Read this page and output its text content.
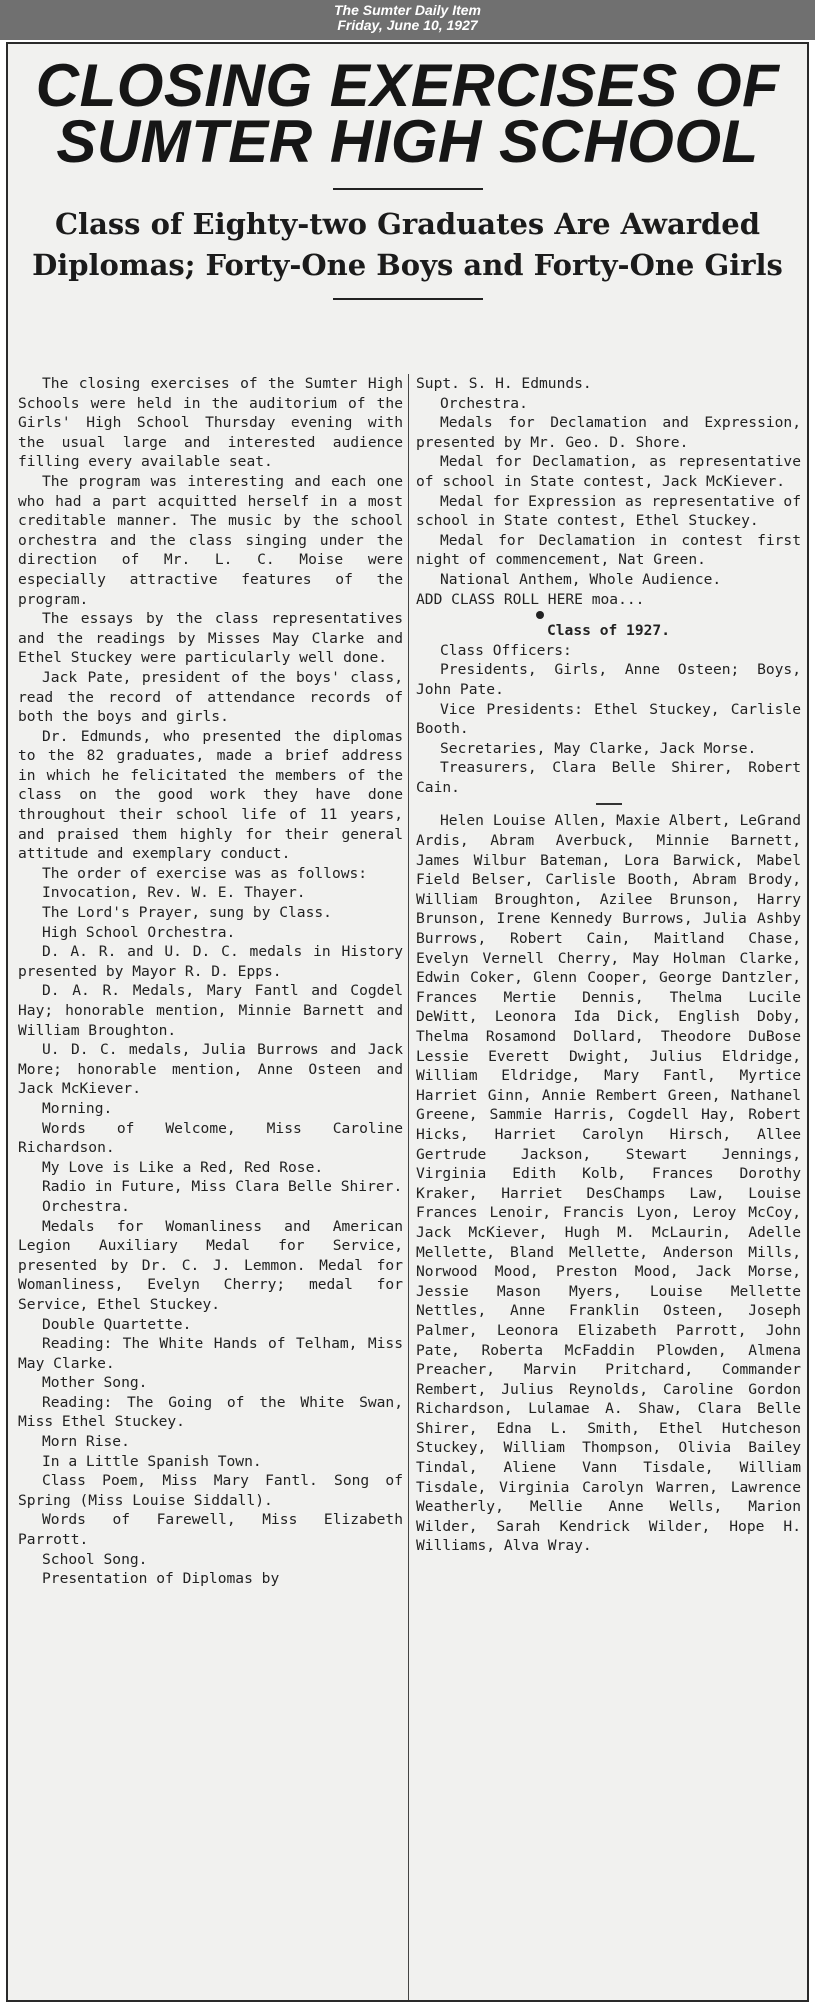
The Sumter Daily Item
Friday, June 10, 1927
CLOSING EXERCISES OF SUMTER HIGH SCHOOL
Class of Eighty-two Graduates Are Awarded Diplomas; Forty-One Boys and Forty-One Girls

The closing exercises of the Sumter High Schools were held in the auditorium of the Girls' High School Thursday evening with the usual large and interested audience filling every available seat.

The program was interesting and each one who had a part acquitted herself in a most creditable manner. The music by the school orchestra and the class singing under the direction of Mr. L. C. Moise were especially attractive features of the program.

The essays by the class representatives and the readings by Misses May Clarke and Ethel Stuckey were particularly well done.

Jack Pate, president of the boys' class, read the record of attendance records of both the boys and girls.

Dr. Edmunds, who presented the diplomas to the 82 graduates, made a brief address in which he felicitated the members of the class on the good work they have done throughout their school life of 11 years, and praised them highly for their general attitude and exemplary conduct.

The order of exercise was as follows:

Invocation, Rev. W. E. Thayer.

The Lord's Prayer, sung by Class.

High School Orchestra.

D. A. R. and U. D. C. medals in History presented by Mayor R. D. Epps.

D. A. R. Medals, Mary Fantl and Cogdel Hay; honorable mention, Minnie Barnett and William Broughton.

U. D. C. medals, Julia Burrows and Jack More; honorable mention, Anne Osteen and Jack McKiever.

Morning.

Words of Welcome, Miss Caroline Richardson.

My Love is Like a Red, Red Rose.

Radio in Future, Miss Clara Belle Shirer.

Orchestra.

Medals for Womanliness and American Legion Auxiliary Medal for Service, presented by Dr. C. J. Lemmon. Medal for Womanliness, Evelyn Cherry; medal for Service, Ethel Stuckey.

Double Quartette.

Reading: The White Hands of Telham, Miss May Clarke.

Mother Song.

Reading: The Going of the White Swan, Miss Ethel Stuckey.

Morn Rise.

In a Little Spanish Town.

Class Poem, Miss Mary Fantl. Song of Spring (Miss Louise Siddall).

Words of Farewell, Miss Elizabeth Parrott.

School Song.

Presentation of Diplomas by

Supt. S. H. Edmunds.

Orchestra.

Medals for Declamation and Expression, presented by Mr. Geo. D. Shore.

Medal for Declamation, as representative of school in State contest, Jack McKiever.

Medal for Expression as representative of school in State contest, Ethel Stuckey.

Medal for Declamation in contest first night of commencement, Nat Green.

National Anthem, Whole Audience.

ADD CLASS ROLL HERE moa...

Class of 1927.

Class Officers:

Presidents, Girls, Anne Osteen; Boys, John Pate.

Vice Presidents: Ethel Stuckey, Carlisle Booth.

Secretaries, May Clarke, Jack Morse.

Treasurers, Clara Belle Shirer, Robert Cain.

Helen Louise Allen, Maxie Albert, LeGrand Ardis, Abram Averbuck, Minnie Barnett, James Wilbur Bateman, Lora Barwick, Mabel Field Belser, Carlisle Booth, Abram Brody, William Broughton, Azilee Brunson, Harry Brunson, Irene Kennedy Burrows, Julia Ashby Burrows, Robert Cain, Maitland Chase, Evelyn Vernell Cherry, May Holman Clarke, Edwin Coker, Glenn Cooper, George Dantzler, Frances Mertie Dennis, Thelma Lucile DeWitt, Leonora Ida Dick, English Doby, Thelma Rosamond Dollard, Theodore DuBose Lessie Everett Dwight, Julius Eldridge, William Eldridge, Mary Fantl, Myrtice Harriet Ginn, Annie Rembert Green, Nathanel Greene, Sammie Harris, Cogdell Hay, Robert Hicks, Harriet Carolyn Hirsch, Allee Gertrude Jackson, Stewart Jennings, Virginia Edith Kolb, Frances Dorothy Kraker, Harriet DesChamps Law, Louise Frances Lenoir, Francis Lyon, Leroy McCoy, Jack McKiever, Hugh M. McLaurin, Adelle Mellette, Bland Mellette, Anderson Mills, Norwood Mood, Preston Mood, Jack Morse, Jessie Mason Myers, Louise Mellette Nettles, Anne Franklin Osteen, Joseph Palmer, Leonora Elizabeth Parrott, John Pate, Roberta McFaddin Plowden, Almena Preacher, Marvin Pritchard, Commander Rembert, Julius Reynolds, Caroline Gordon Richardson, Lulamae A. Shaw, Clara Belle Shirer, Edna L. Smith, Ethel Hutcheson Stuckey, William Thompson, Olivia Bailey Tindal, Aliene Vann Tisdale, William Tisdale, Virginia Carolyn Warren, Lawrence Weatherly, Mellie Anne Wells, Marion Wilder, Sarah Kendrick Wilder, Hope H. Williams, Alva Wray.
